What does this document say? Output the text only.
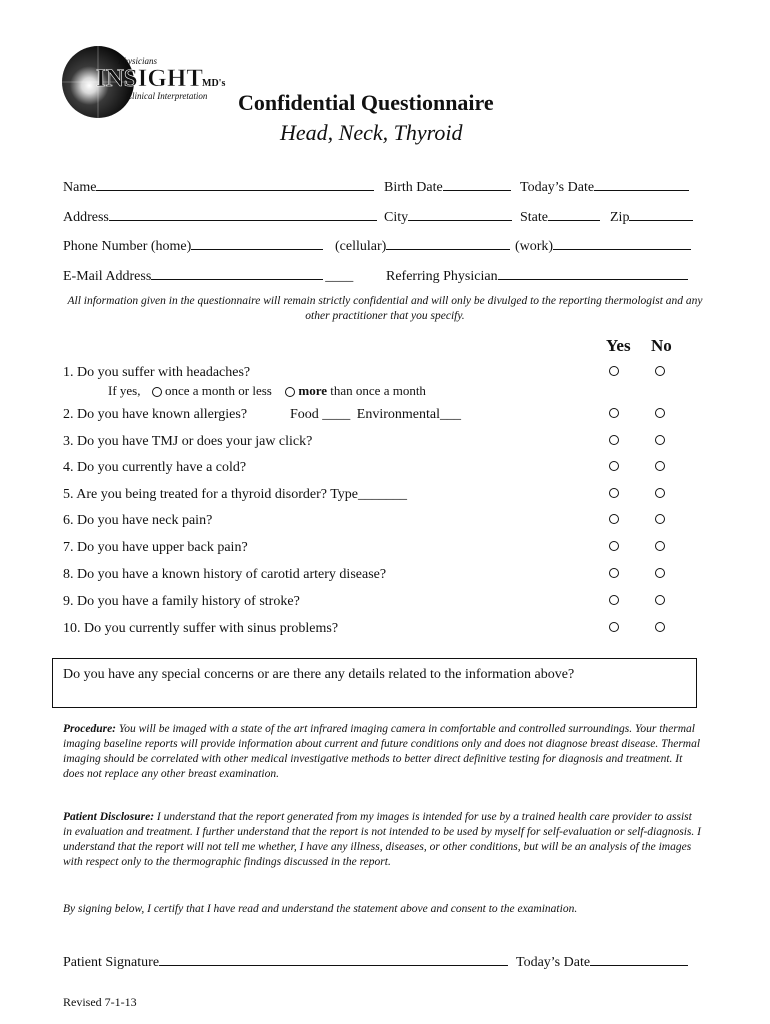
Physicians
INSIGHT MD's
Clinical Interpretation Confidential Questionnaire
Head, Neck, Thyroid
Name	Birth Date	Today’s Date
Address	City	State	Zip
Phone Number (home)	(cellular)	(work)
E-Mail Address	____ Referring Physician
All information given in the questionnaire will remain strictly confidential and will only be divulged to the reporting thermologist and any other practitioner that you specify.
Yes No
1. Do you suffer with headaches?
If yes, once a month or less more than once a month
2. Do you have known allergies?	Food ____ Environmental___
3. Do you have TMJ or does your jaw click?
4. Do you currently have a cold?
5. Are you being treated for a thyroid disorder? Type_______
6. Do you have neck pain?
7. Do you have upper back pain?
8. Do you have a known history of carotid artery disease?
9. Do you have a family history of stroke?
10. Do you currently suffer with sinus problems?
Do you have any special concerns or are there any details related to the information above?
Procedure: You will be imaged with a state of the art infrared imaging camera in comfortable and controlled surroundings. Your thermal imaging baseline reports will provide information about current and future conditions only and does not diagnose breast disease. Thermal imaging should be correlated with other medical investigative methods to better direct definitive testing for diagnosis and treatment. It does not replace any other breast examination.
Patient Disclosure: I understand that the report generated from my images is intended for use by a trained health care provider to assist in evaluation and treatment. I further understand that the report is not intended to be used by myself for self-evaluation or self-diagnosis. I understand that the report will not tell me whether, I have any illness, diseases, or other conditions, but will be an analysis of the images with respect only to the thermographic findings discussed in the report.
By signing below, I certify that I have read and understand the statement above and consent to the examination.
Patient Signature	Today’s Date
Revised 7-1-13
